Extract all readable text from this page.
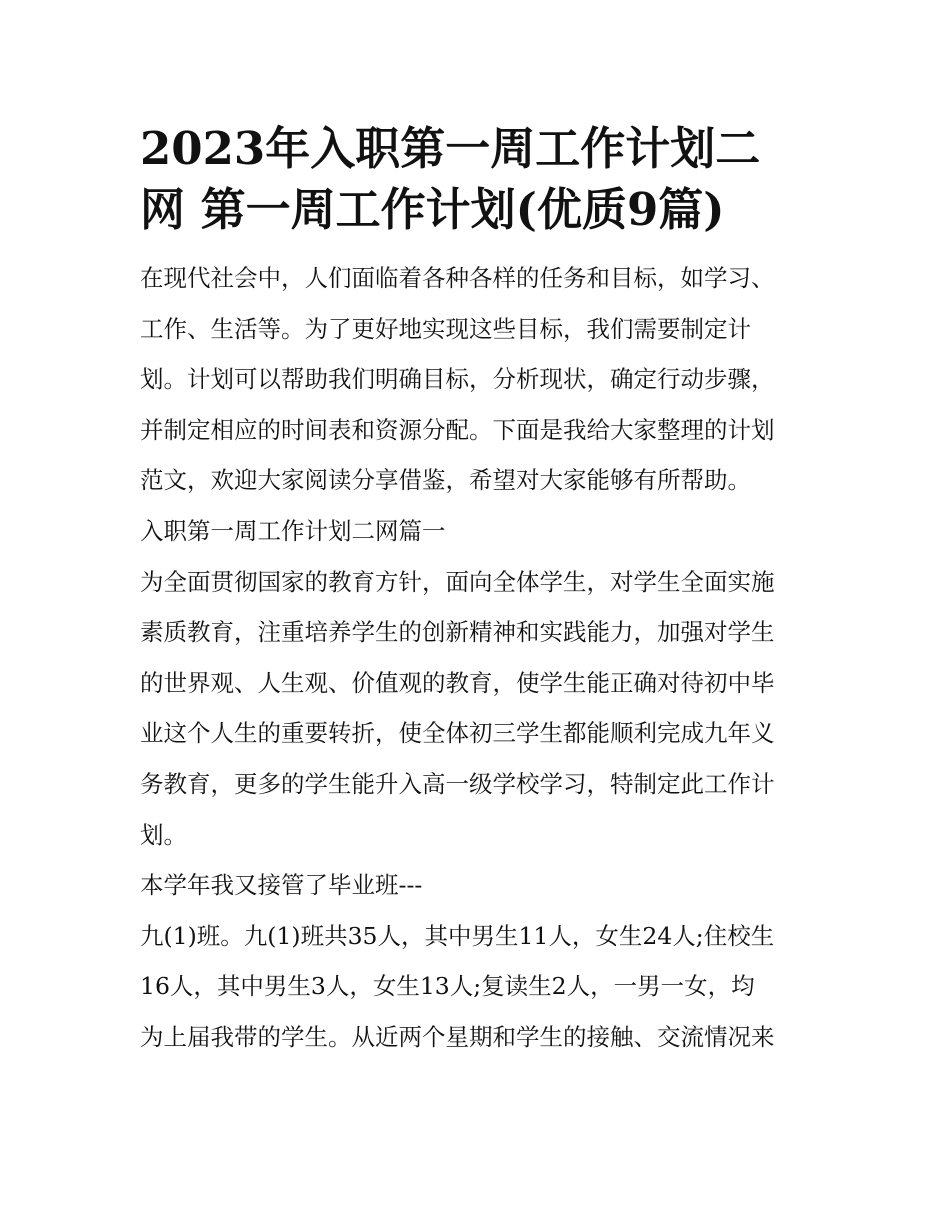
2023年入职第一周工作计划二
网 第一周工作计划(优质9篇)

在现代社会中，人们面临着各种各样的任务和目标，如学习、
工作、生活等。为了更好地实现这些目标，我们需要制定计
划。计划可以帮助我们明确目标，分析现状，确定行动步骤，
并制定相应的时间表和资源分配。下面是我给大家整理的计划
范文，欢迎大家阅读分享借鉴，希望对大家能够有所帮助。

入职第一周工作计划二网篇一

为全面贯彻国家的教育方针，面向全体学生，对学生全面实施
素质教育，注重培养学生的创新精神和实践能力，加强对学生
的世界观、人生观、价值观的教育，使学生能正确对待初中毕
业这个人生的重要转折，使全体初三学生都能顺利完成九年义
务教育，更多的学生能升入高一级学校学习，特制定此工作计
划。

本学年我又接管了毕业班---

九(1)班。九(1)班共35人，其中男生11人，女生24人;住校生
16人，其中男生3人，女生13人;复读生2人，一男一女，均
为上届我带的学生。从近两个星期和学生的接触、交流情况来
